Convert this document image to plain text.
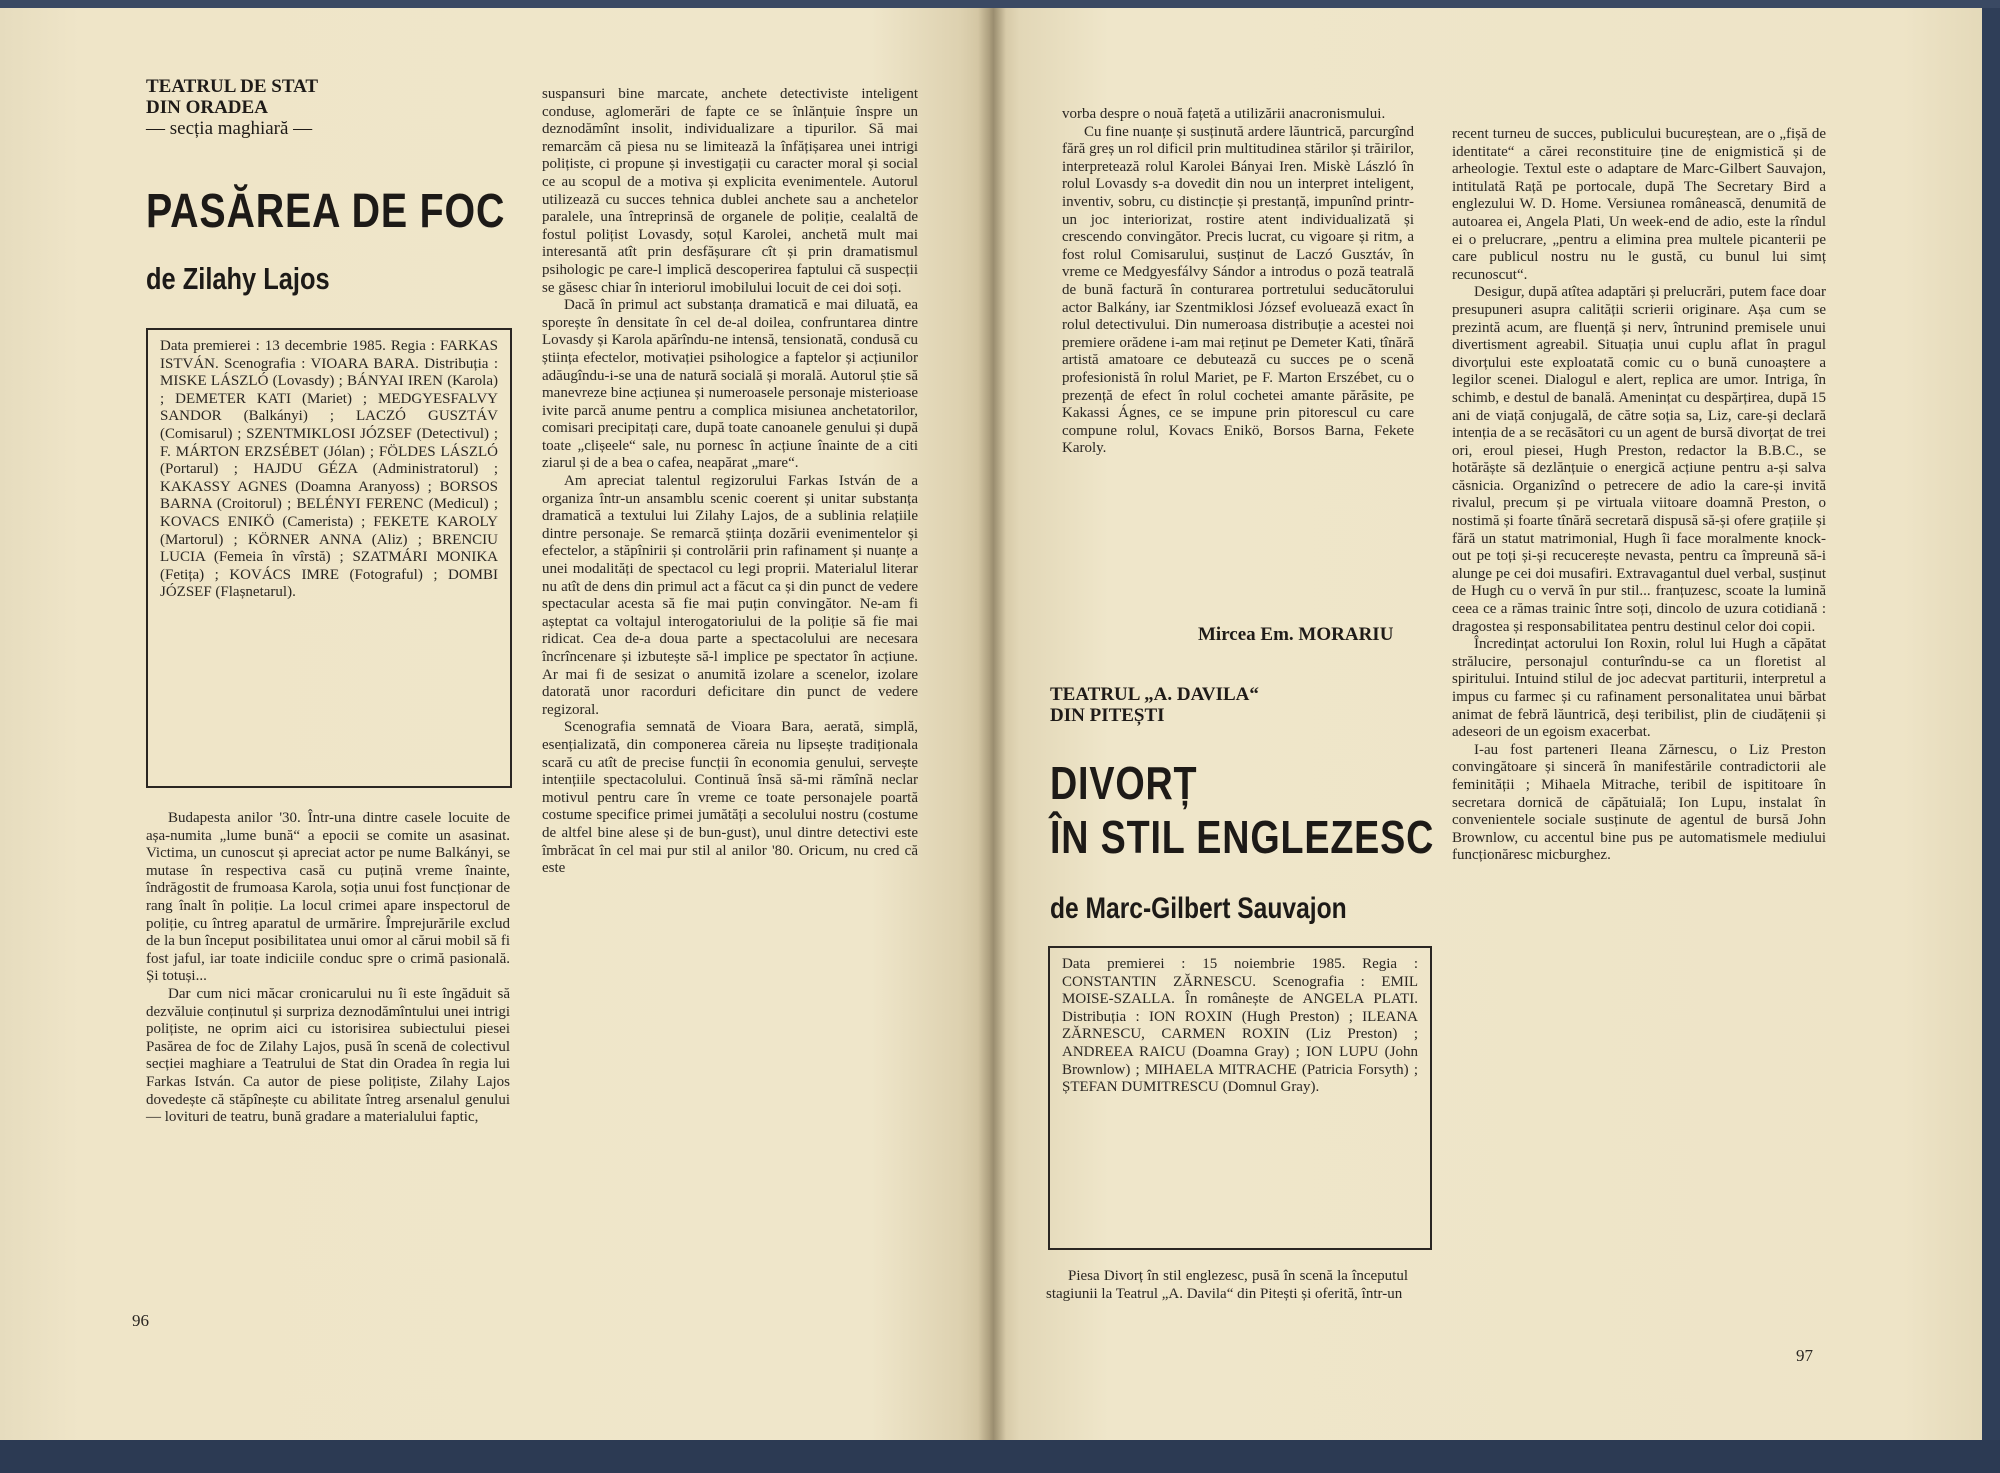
TEATRUL DE STAT
DIN ORADEA
— secția maghiară —
PASĂREA DE FOC
de Zilahy Lajos

Data premierei : 13 decembrie 1985. Regia : FARKAS ISTVÁN. Scenografia : VIOARA BARA. Distribuția : MISKE LÁSZLÓ (Lovasdy) ; BÁNYAI IREN (Karola) ; DEMETER KATI (Mariet) ; MEDGYESFALVY SANDOR (Balkányi) ; LACZÓ GUSZTÁV (Comisarul) ; SZENTMIKLOSI JÓZSEF (Detectivul) ; F. MÁRTON ERZSÉBET (Jólan) ; FÖLDES LÁSZLÓ (Portarul) ; HAJDU GÉZA (Administratorul) ; KAKASSY AGNES (Doamna Aranyoss) ; BORSOS BARNA (Croitorul) ; BELÉNYI FERENC (Medicul) ; KOVACS ENIKÖ (Camerista) ; FEKETE KAROLY (Martorul) ; KÖRNER ANNA (Aliz) ; BRENCIU LUCIA (Femeia în vîrstă) ; SZATMÁRI MONIKA (Fetița) ; KOVÁCS IMRE (Fotograful) ; DOMBI JÓZSEF (Flașnetarul).

Budapesta anilor '30. Într-una dintre casele locuite de așa-numita „lume bună“ a epocii se comite un asasinat. Victima, un cunoscut și apreciat actor pe nume Balkányi, se mutase în respectiva casă cu puțină vreme înainte, îndrăgostit de frumoasa Karola, soția unui fost funcționar de rang înalt în poliție. La locul crimei apare inspectorul de poliție, cu întreg aparatul de urmărire. Împrejurările exclud de la bun început posibilitatea unui omor al cărui mobil să fi fost jaful, iar toate indiciile conduc spre o crimă pasională. Și totuși...

Dar cum nici măcar cronicarului nu îi este îngăduit să dezvăluie conținutul și surpriza deznodămîntului unei intrigi polițiste, ne oprim aici cu istorisirea subiectului piesei Pasărea de foc de Zilahy Lajos, pusă în scenă de colectivul secției maghiare a Teatrului de Stat din Oradea în regia lui Farkas István. Ca autor de piese polițiste, Zilahy Lajos dovedește că stăpînește cu abilitate întreg arsenalul genului — lovituri de teatru, bună gradare a materialului faptic,

suspansuri bine marcate, anchete detectiviste inteligent conduse, aglomerări de fapte ce se înlănțuie înspre un deznodămînt insolit, individualizare a tipurilor. Să mai remarcăm că piesa nu se limitează la înfățișarea unei intrigi polițiste, ci propune și investigații cu caracter moral și social ce au scopul de a motiva și explicita evenimentele. Autorul utilizează cu succes tehnica dublei anchete sau a anchetelor paralele, una întreprinsă de organele de poliție, cealaltă de fostul polițist Lovasdy, soțul Karolei, anchetă mult mai interesantă atît prin desfășurare cît și prin dramatismul psihologic pe care-l implică descoperirea faptului că suspecții se găsesc chiar în interiorul imobilului locuit de cei doi soți.

Dacă în primul act substanța dramatică e mai diluată, ea sporește în densitate în cel de-al doilea, confruntarea dintre Lovasdy și Karola apărîndu-ne intensă, tensionată, condusă cu știința efectelor, motivației psihologice a faptelor și acțiunilor adăugîndu-i-se una de natură socială și morală. Autorul știe să manevreze bine acțiunea și numeroasele personaje misterioase ivite parcă anume pentru a complica misiunea anchetatorilor, comisari precipitați care, după toate canoanele genului și după toate „clișeele“ sale, nu pornesc în acțiune înainte de a citi ziarul și de a bea o cafea, neapărat „mare“.

Am apreciat talentul regizorului Farkas István de a organiza într-un ansamblu scenic coerent și unitar substanța dramatică a textului lui Zilahy Lajos, de a sublinia relațiile dintre personaje. Se remarcă știința dozării evenimentelor și efectelor, a stăpînirii și controlării prin rafinament și nuanțe a unei modalități de spectacol cu legi proprii. Materialul literar nu atît de dens din primul act a făcut ca și din punct de vedere spectacular acesta să fie mai puțin convingător. Ne-am fi așteptat ca voltajul interogatoriului de la poliție să fie mai ridicat. Cea de-a doua parte a spectacolului are necesara încrîncenare și izbutește să-l implice pe spectator în acțiune. Ar mai fi de sesizat o anumită izolare a scenelor, izolare datorată unor racorduri deficitare din punct de vedere regizoral.

Scenografia semnată de Vioara Bara, aerată, simplă, esențializată, din componerea căreia nu lipsește tradiționala scară cu atît de precise funcții în economia genului, servește intențiile spectacolului. Continuă însă să-mi rămînă neclar motivul pentru care în vreme ce toate personajele poartă costume specifice primei jumătăți a secolului nostru (costume de altfel bine alese și de bun-gust), unul dintre detectivi este îmbrăcat în cel mai pur stil al anilor '80. Oricum, nu cred că este

96

vorba despre o nouă fațetă a utilizării anacronismului.

Cu fine nuanțe și susținută ardere lăuntrică, parcurgînd fără greș un rol dificil prin multitudinea stărilor și trăirilor, interpretează rolul Karolei Bányai Iren. Miskè László în rolul Lovasdy s-a dovedit din nou un interpret inteligent, inventiv, sobru, cu distincție și prestanță, impunînd printr-un joc interiorizat, rostire atent individualizată și crescendo convingător. Precis lucrat, cu vigoare și ritm, a fost rolul Comisarului, susținut de Laczó Gusztáv, în vreme ce Medgyesfálvy Sándor a introdus o poză teatrală de bună factură în conturarea portretului seducătorului actor Balkány, iar Szentmiklosi József evoluează exact în rolul detectivului. Din numeroasa distribuție a acestei noi premiere orădene i-am mai reținut pe Demeter Kati, tînără artistă amatoare ce debutează cu succes pe o scenă profesionistă în rolul Mariet, pe F. Marton Erszébet, cu o prezență de efect în rolul cochetei amante părăsite, pe Kakassi Ágnes, ce se impune prin pitorescul cu care compune rolul, Kovacs Enikö, Borsos Barna, Fekete Karoly.

Mircea Em. MORARIU
TEATRUL „A. DAVILA“
DIN PITEȘTI
DIVORȚ
ÎN STIL ENGLEZESC
de Marc-Gilbert Sauvajon

Data premierei : 15 noiembrie 1985. Regia : CONSTANTIN ZĂRNESCU. Scenografia : EMIL MOISE-SZALLA. În românește de ANGELA PLATI. Distribuția : ION ROXIN (Hugh Preston) ; ILEANA ZĂRNESCU, CARMEN ROXIN (Liz Preston) ; ANDREEA RAICU (Doamna Gray) ; ION LUPU (John Brownlow) ; MIHAELA MITRACHE (Patricia Forsyth) ; ȘTEFAN DUMITRESCU (Domnul Gray).

Piesa Divorț în stil englezesc, pusă în scenă la începutul stagiunii la Teatrul „A. Davila“ din Pitești și oferită, într-un

recent turneu de succes, publicului bucureștean, are o „fișă de identitate“ a cărei reconstituire ține de enigmistică și de arheologie. Textul este o adaptare de Marc-Gilbert Sauvajon, intitulată Rață pe portocale, după The Secretary Bird a englezului W. D. Home. Versiunea românească, denumită de autoarea ei, Angela Plati, Un week-end de adio, este la rîndul ei o prelucrare, „pentru a elimina prea multele picanterii pe care publicul nostru nu le gustă, cu bunul lui simț recunoscut“.

Desigur, după atîtea adaptări și prelucrări, putem face doar presupuneri asupra calității scrierii originare. Așa cum se prezintă acum, are fluență și nerv, întrunind premisele unui divertisment agreabil. Situația unui cuplu aflat în pragul divorțului este exploatată comic cu o bună cunoaștere a legilor scenei. Dialogul e alert, replica are umor. Intriga, în schimb, e destul de banală. Amenințat cu despărțirea, după 15 ani de viață conjugală, de către soția sa, Liz, care-și declară intenția de a se recăsători cu un agent de bursă divorțat de trei ori, eroul piesei, Hugh Preston, redactor la B.B.C., se hotărăște să dezlănțuie o energică acțiune pentru a-și salva căsnicia. Organizînd o petrecere de adio la care-și invită rivalul, precum și pe virtuala viitoare doamnă Preston, o nostimă și foarte tînără secretară dispusă să-și ofere grațiile și fără un statut matrimonial, Hugh îi face moralmente knock-out pe toți și-și recucerește nevasta, pentru ca împreună să-i alunge pe cei doi musafiri. Extravagantul duel verbal, susținut de Hugh cu o vervă în pur stil... franțuzesc, scoate la lumină ceea ce a rămas trainic între soți, dincolo de uzura cotidiană : dragostea și responsabilitatea pentru destinul celor doi copii.

Încredințat actorului Ion Roxin, rolul lui Hugh a căpătat strălucire, personajul conturîndu-se ca un floretist al spiritului. Intuind stilul de joc adecvat partiturii, interpretul a impus cu farmec și cu rafinament personalitatea unui bărbat animat de febră lăuntrică, deși teribilist, plin de ciudățenii și adeseori de un egoism exacerbat.

I-au fost parteneri Ileana Zărnescu, o Liz Preston convingătoare și sinceră în manifestările contradictorii ale feminității ; Mihaela Mitrache, teribil de ispititoare în secretara dornică de căpătuială; Ion Lupu, instalat în convenientele sociale susținute de agentul de bursă John Brownlow, cu accentul bine pus pe automatismele mediului funcționăresc micburghez.

97
